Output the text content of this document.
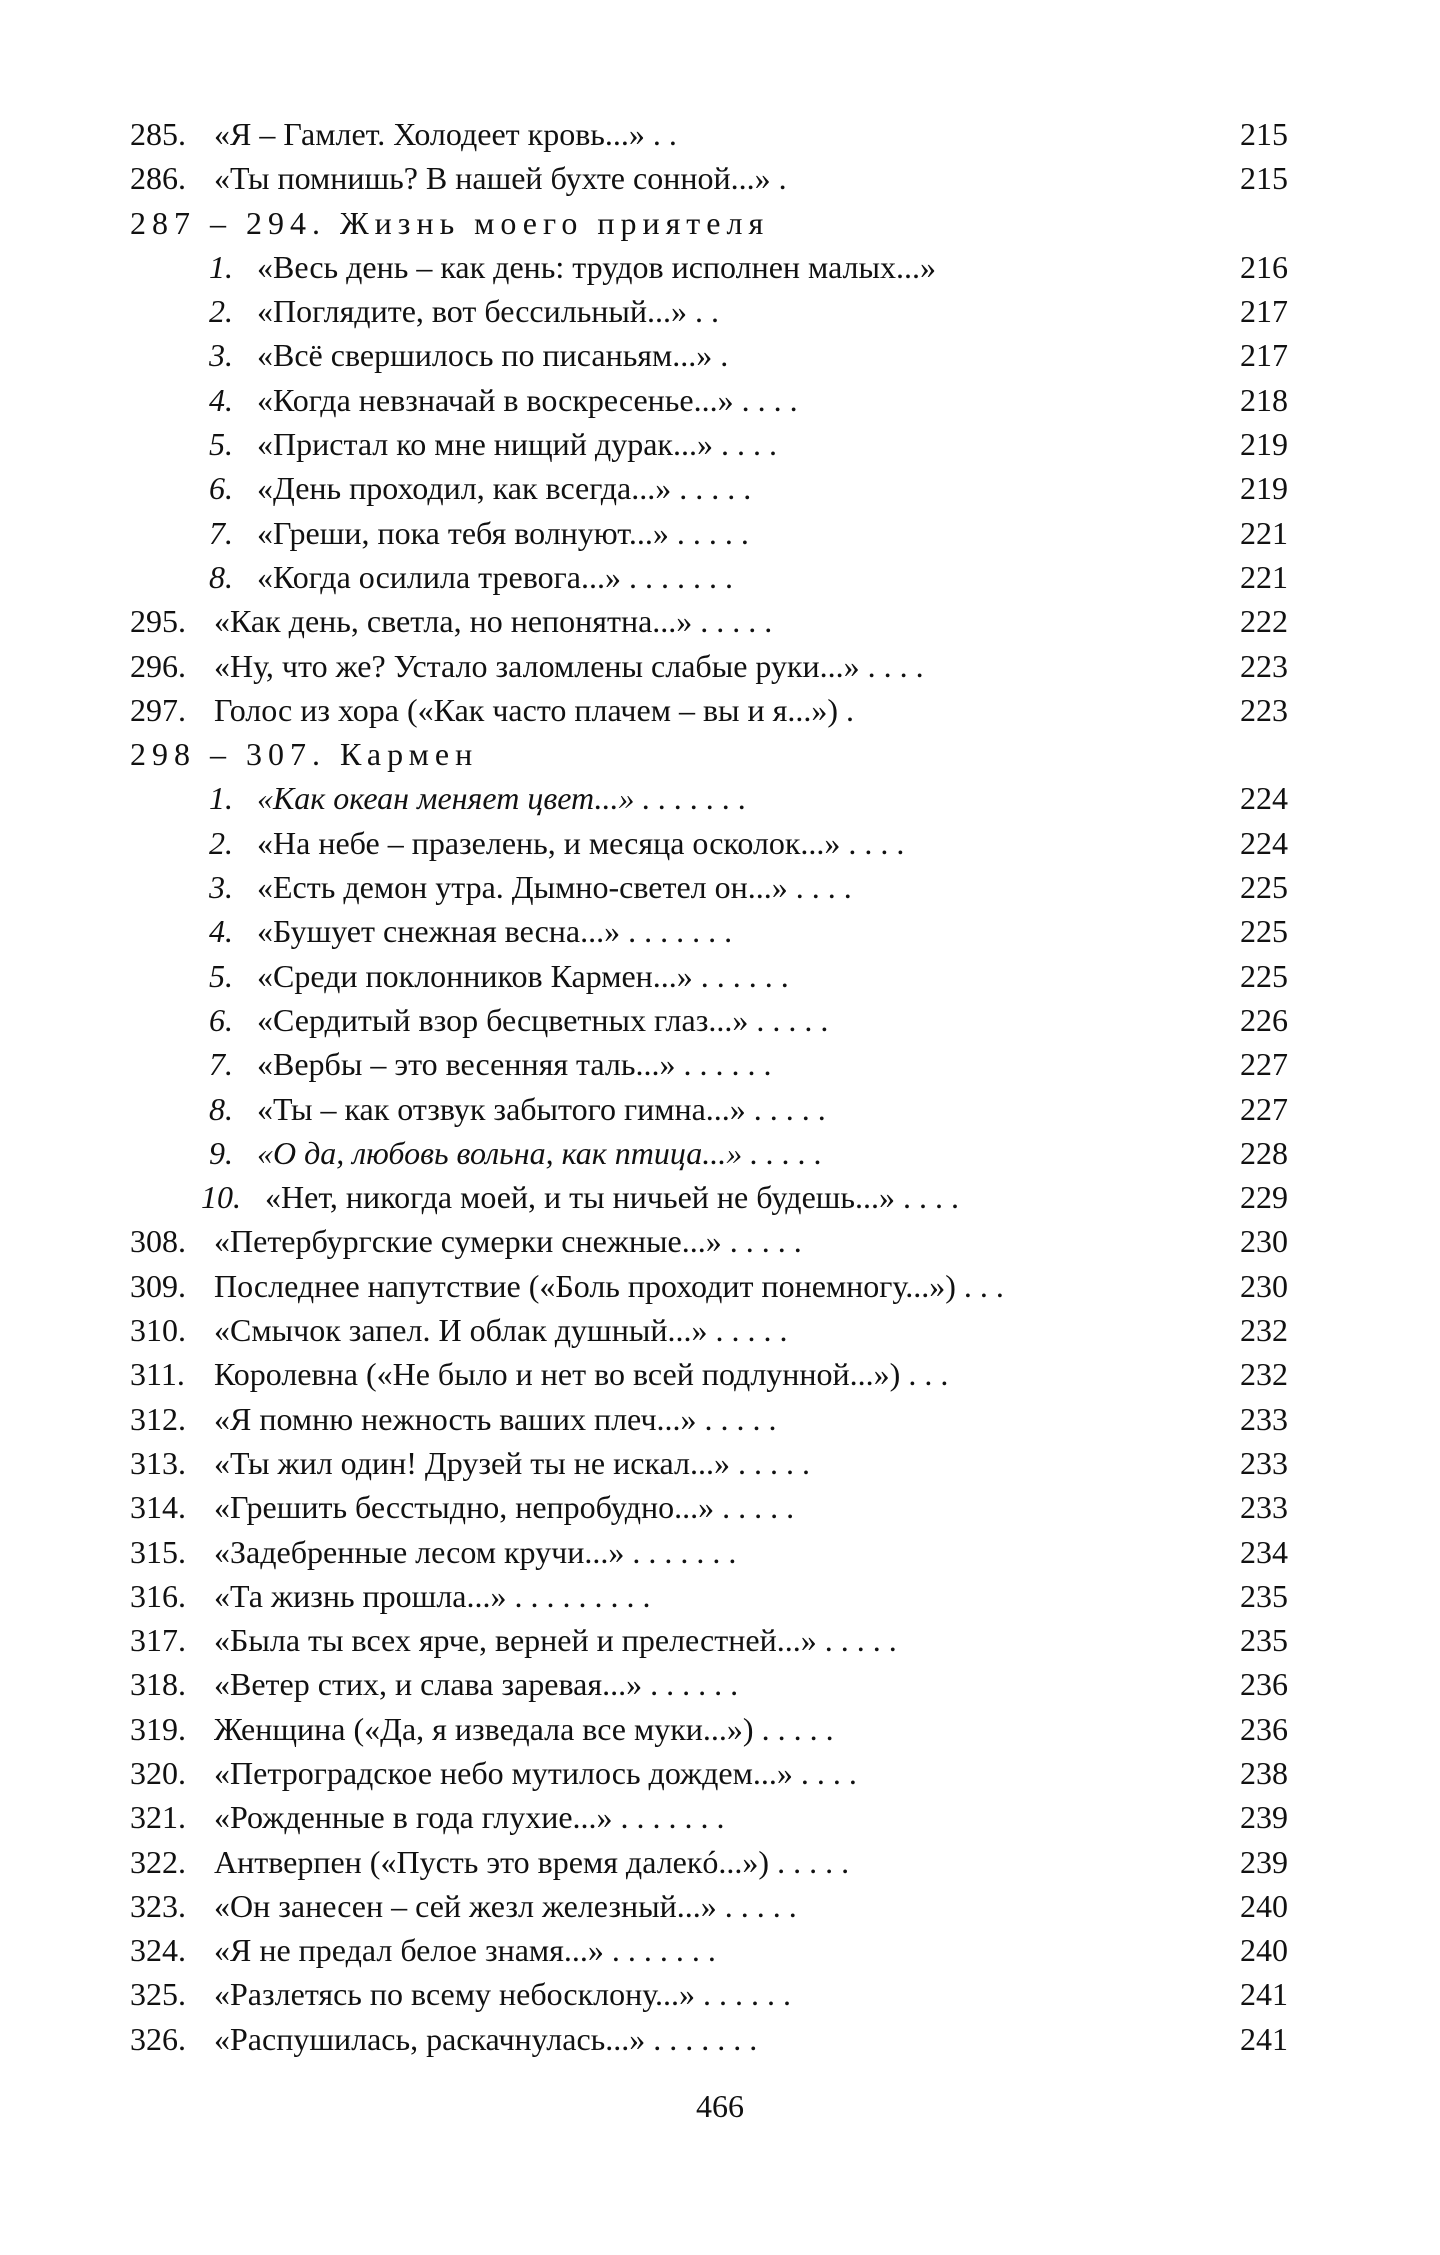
285. «Я – Гамлет. Холодеет кровь...» . .	215
286. «Ты помнишь? В нашей бухте сонной...» .	215
287 – 294. Жизнь моего приятеля
1. «Весь день – как день: трудов исполнен малых...»	216
2. «Поглядите, вот бессильный...» . .	217
3. «Всё свершилось по писаньям...» .	217
4. «Когда невзначай в воскресенье...» . . . .	218
5. «Пристал ко мне нищий дурак...» . . . .	219
6. «День проходил, как всегда...» . . . . .	219
7. «Греши, пока тебя волнуют...» . . . . .	221
8. «Когда осилила тревога...» . . . . . . .	221
295. «Как день, светла, но непонятна...» . . . . .	222
296. «Ну, что же? Устало заломлены слабые руки...» . . . .	223
297. Голос из хора («Как часто плачем – вы и я...») .	223
298 – 307. Кармен
1. «Как океан меняет цвет...» . . . . . . .	224
2. «На небе – празелень, и месяца осколок...» . . . .	224
3. «Есть демон утра. Дымно-светел он...» . . . .	225
4. «Бушует снежная весна...» . . . . . . .	225
5. «Среди поклонников Кармен...» . . . . . .	225
6. «Сердитый взор бесцветных глаз...» . . . . .	226
7. «Вербы – это весенняя таль...» . . . . . .	227
8. «Ты – как отзвук забытого гимна...» . . . . .	227
9. «О да, любовь вольна, как птица...» . . . . .	228
10. «Нет, никогда моей, и ты ничьей не будешь...» . . . .	229
308. «Петербургские сумерки снежные...» . . . . .	230
309. Последнее напутствие («Боль проходит понемногу...») . . .	230
310. «Смычок запел. И облак душный...» . . . . .	232
311. Королевна («Не было и нет во всей подлунной...») . . .	232
312. «Я помню нежность ваших плеч...» . . . . .	233
313. «Ты жил один! Друзей ты не искал...» . . . . .	233
314. «Грешить бесстыдно, непробудно...» . . . . .	233
315. «Задебренные лесом кручи...» . . . . . . .	234
316. «Та жизнь прошла...» . . . . . . . . .	235
317. «Была ты всех ярче, верней и прелестней...» . . . . .	235
318. «Ветер стих, и слава заревая...» . . . . . .	236
319. Женщина («Да, я изведала все муки...») . . . . .	236
320. «Петроградское небо мутилось дождем...» . . . .	238
321. «Рожденные в года глухие...» . . . . . . .	239
322. Антверпен («Пусть это время далекó...») . . . . .	239
323. «Он занесен – сей жезл железный...» . . . . .	240
324. «Я не предал белое знамя...» . . . . . . .	240
325. «Разлетясь по всему небосклону...» . . . . . .	241
326. «Распушилась, раскачнулась...» . . . . . . .	241
466
